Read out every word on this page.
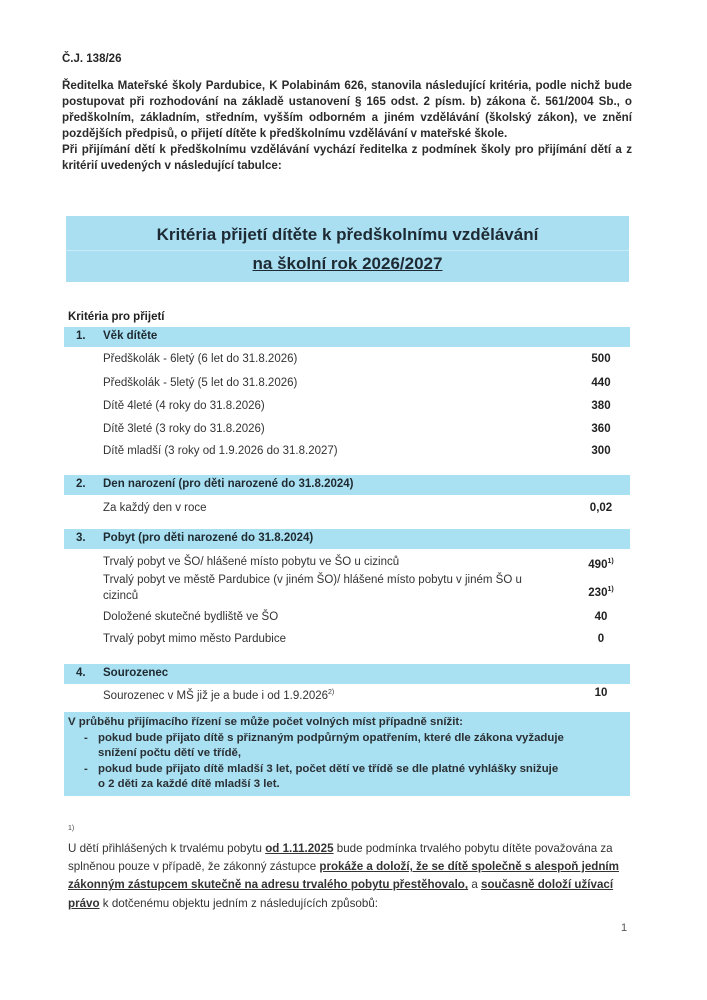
Č.J. 138/26

Ředitelka Mateřské školy Pardubice, K Polabinám 626, stanovila následující kritéria, podle nichž bude postupovat při rozhodování na základě ustanovení § 165 odst. 2 písm. b) zákona č. 561/2004 Sb., o předškolním, základním, středním, vyšším odborném a jiném vzdělávání (školský zákon), ve znění pozdějších předpisů, o přijetí dítěte k předškolnímu vzdělávání v mateřské škole.

Při přijímání dětí k předškolnímu vzdělávání vychází ředitelka z podmínek školy pro přijímání dětí a z kritérií uvedených v následující tabulce:

Kritéria přijetí dítěte k předškolnímu vzdělávání
na školní rok 2026/2027
Kritéria pro přijetí
1. Věk dítěte
Předškolák - 6letý (6 let do 31.8.2026)	500
Předškolák - 5letý (5 let do 31.8.2026)	440
Dítě 4leté (4 roky do 31.8.2026)	380
Dítě 3leté (3 roky do 31.8.2026)	360
Dítě mladší (3 roky od 1.9.2026 do 31.8.2027)	300
2. Den narození (pro děti narozené do 31.8.2024)
Za každý den v roce	0,02
3. Pobyt (pro děti narozené do 31.8.2024)
Trvalý pobyt ve ŠO/ hlášené místo pobytu ve ŠO u cizinců	490$^{1)}$
Trvalý pobyt ve městě Pardubice (v jiném ŠO)/ hlášené místo pobytu v jiném ŠO u cizinců	230$^{1)}$
Doložené skutečné bydliště ve ŠO	40
Trvalý pobyt mimo město Pardubice	0
4. Sourozenec
Sourozenec v MŠ již je a bude i od 1.9.2026$^{2)}$	10
V průběhu přijímacího řízení se může počet volných míst případně snížit:
- pokud bude přijato dítě s přiznaným podpůrným opatřením, které dle zákona vyžaduje
snížení počtu dětí ve třídě,
- pokud bude přijato dítě mladší 3 let, počet dětí ve třídě se dle platné vyhlášky snižuje
o 2 děti za každé dítě mladší 3 let.
1)
U dětí přihlášených k trvalému pobytu od 1.11.2025 bude podmínka trvalého pobytu dítěte považována za splněnou pouze v případě, že zákonný zástupce prokáže a doloží, že se dítě společně s alespoň jedním zákonným zástupcem skutečně na adresu trvalého pobytu přestěhovalo, a současně doloží užívací právo k dotčenému objektu jedním z následujících způsobů:
1
